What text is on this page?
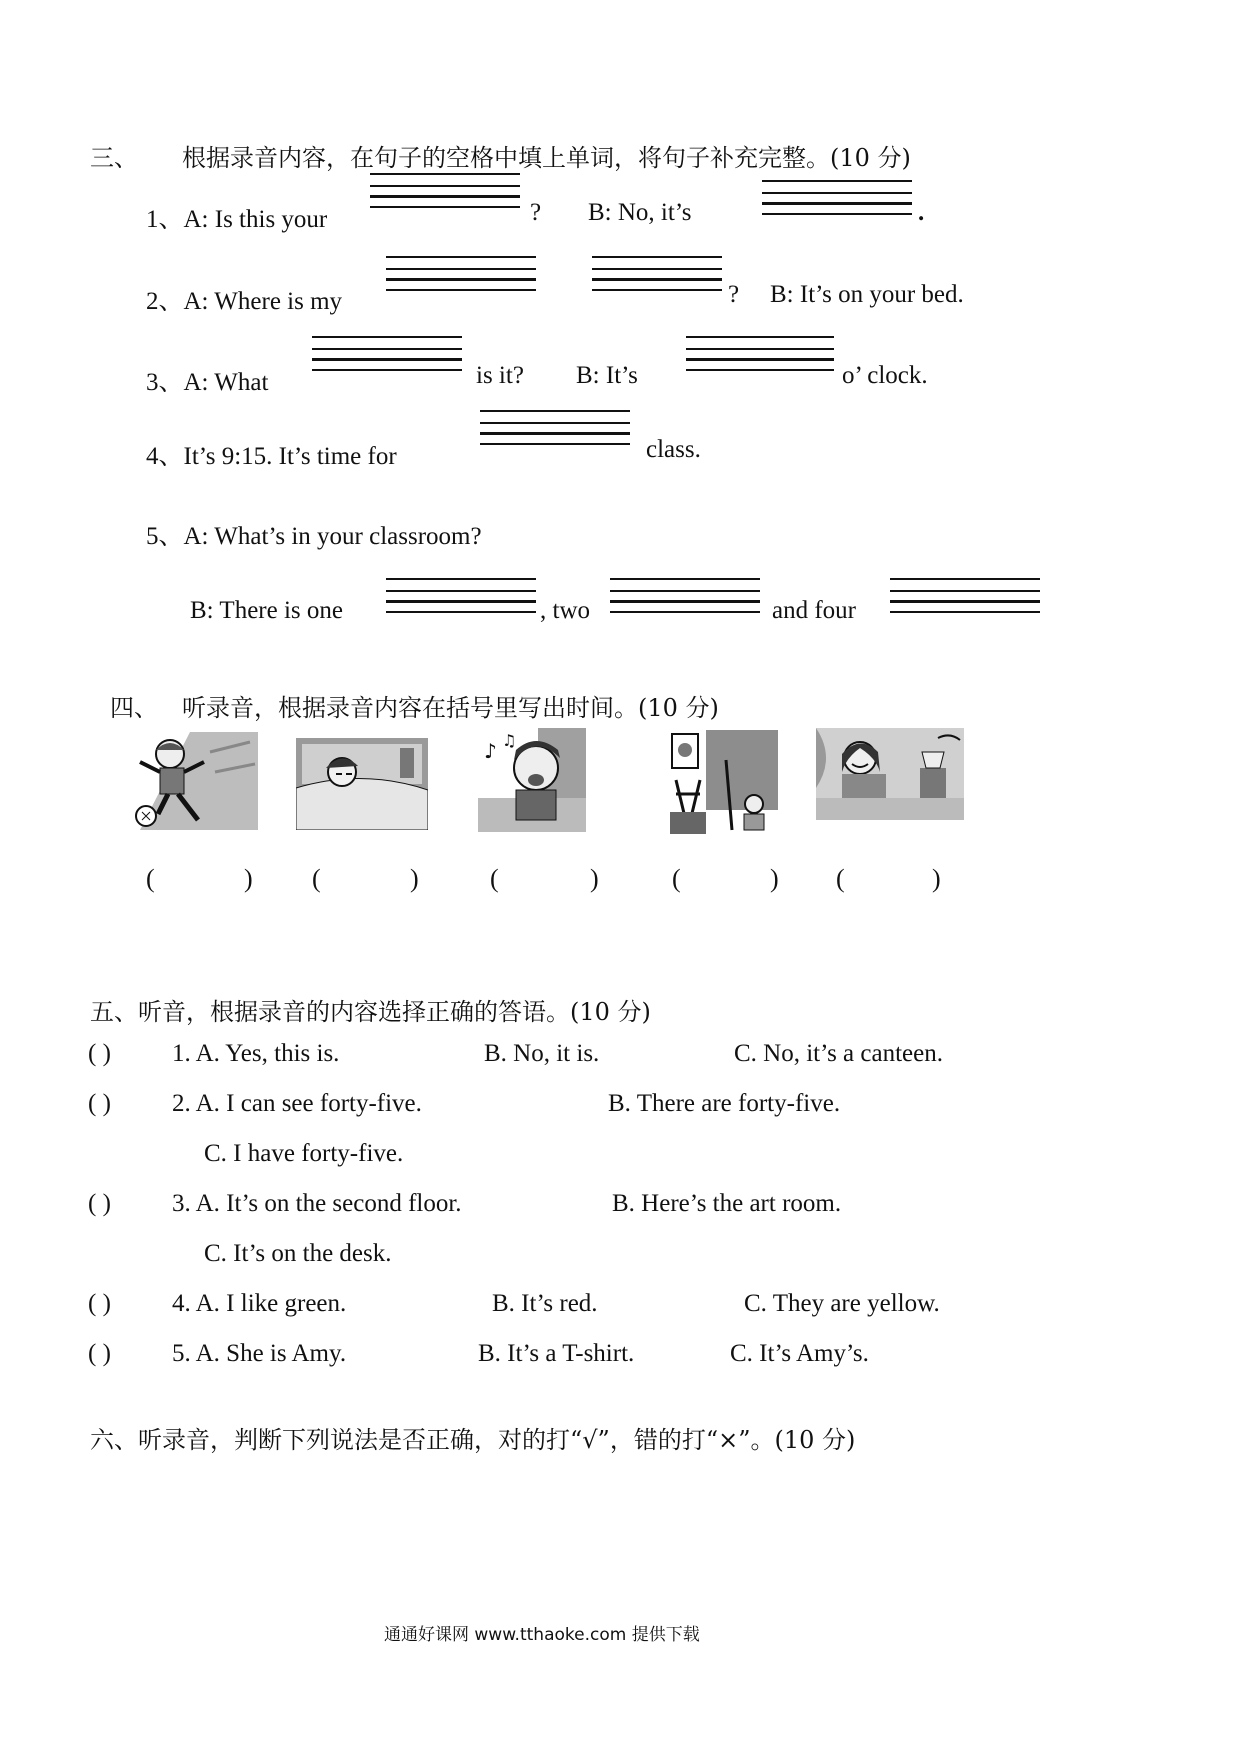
三、 根据录音内容，在句子的空格中填上单词，将句子补充完整。(10 分)
1、A: Is this your	? B: No, it’s	.
2、A: Where is my	? B: It’s on your bed.
3、A: What	is it? B: It’s	o’ clock.
4、It’s 9:15. It’s time for	class.
5、A: What’s in your classroom?
B: There is one	, two	and four
四、 听录音，根据录音内容在括号里写出时间。(10 分)
♪ ♫
(	) (	)	(	)	(	) (	)
五、听音，根据录音的内容选择正确的答语。(10 分)
( ) 1. A. Yes, this is.	B. No, it is.	C. No, it’s a canteen.
( ) 2. A. I can see forty-five.	B. There are forty-five.
C. I have forty-five.
( ) 3. A. It’s on the second floor.	B. Here’s the art room.
C. It’s on the desk.
( ) 4. A. I like green.	B. It’s red.	C. They are yellow.
( ) 5. A. She is Amy.	B. It’s a T-shirt.	C. It’s Amy’s.
六、听录音，判断下列说法是否正确，对的打“√”，错的打“×”。(10 分)
通通好课网 www.tthaoke.com 提供下载
